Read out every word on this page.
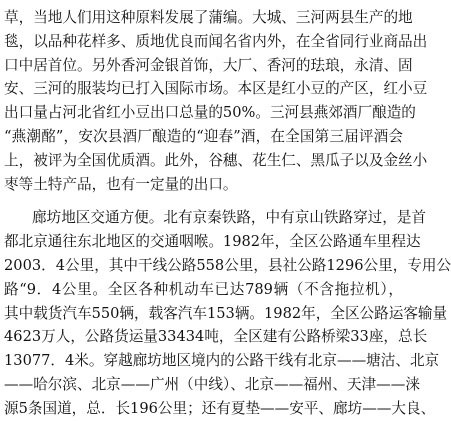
草，当地人们用这种原料发展了蒲编。大城、三河两县生产的地
毯，以品种花样多、质地优良而闻名省内外，在全省同行业商品出
口中居首位。另外香河金银首饰，大厂、香河的珐琅，永清、固
安、三河的服装均已打入国际市场。本区是红小豆的产区，红小豆
出口量占河北省红小豆出口总量的50%。三河县燕郊酒厂酿造的
“燕潮酩”，安次县酒厂酿造的“迎春”酒，在全国第三届评酒会
上，被评为全国优质酒。此外，谷穗、花生仁、黑瓜子以及金丝小
枣等土特产品，也有一定量的出口。
廊坊地区交通方便。北有京秦铁路，中有京山铁路穿过，是首
都北京通往东北地区的交通咽喉。1982年，全区公路通车里程达
2003．4公里，其中干线公路558公里，县社公路1296公里，专用公
路“9．4公里。全区各种机动车已达789辆（不含拖拉机），
其中载货汽车550辆，载客汽车153辆。1982年，全区公路运客输量
4623万人，公路货运量33434吨，全区建有公路桥梁33座，总长
13077．4米。穿越廊坊地区境内的公路干线有北京——塘沽、北京
——哈尔滨、北京——广州（中线）、北京——福州、天津——涞
源5条国道，总．长196公里；还有夏垫——安平、廊坊——大良、
